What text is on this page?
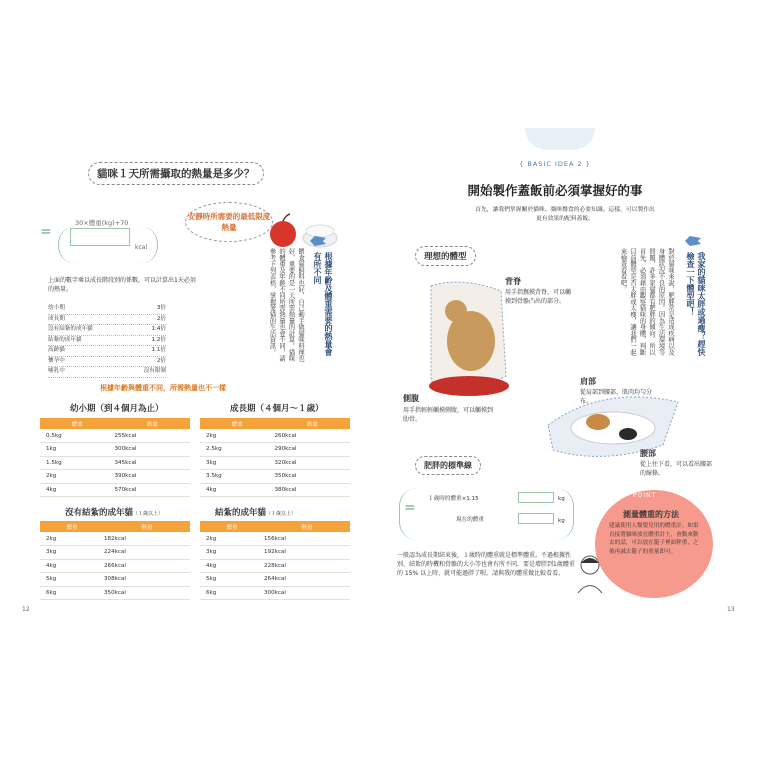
貓咪１天所需攝取的熱量是多少？
安靜時所需要的最低限度熱量
=
30×體重(kg)+70
kcal
上面的數字乘以成長階段別的係數，可以計算出1天必須的熱量。
幼小期	3倍
成長期	2倍
沒有結紮的成年貓	1.4倍
結紮的成年貓	1.2倍
高齡貓	1.1倍
懷孕中	2倍
哺乳中	沒有限制
根據年齡及體重需要的熱量會有所不同
餵食貓飼料也好，自己動手做貓咪料理也好，重要的是一天所需熱量的計算。貓咪的體重及年齡不同所需熱量也會不同，請參考下列表格，掌握愛貓的生活資訊。
根據年齡與體重不同，所需熱量也不一樣
幼小期（到４個月為止）
體重	熱量
0.5kg	255kcal
1kg	300kcal
1.5kg	345kcal
2kg	390kcal
4kg	570kcal
成長期（４個月～１歲）
體重	熱量
2kg	260kcal
2.5kg	290kcal
3kg	320kcal
3.5kg	350kcal
4kg	380kcal
沒有結紮的成年貓（１歲以上）
體重	熱量
2kg	182kcal
3kg	224kcal
4kg	266kcal
5kg	308kcal
6kg	350kcal
結紮的成年貓（１歲以上）
體重	熱量
2kg	156kcal
3kg	192kcal
4kg	228kcal
5kg	264kcal
6kg	300kcal
12
{ BASIC IDEA 2 }
開始製作蓋飯前必須掌握好的事
首先，讓我們掌握關於貓咪、貓咪餐食的必要知識。這樣，可以製作出更有效果的配料蓋飯。
理想的體型
背脊
用手指撫摸背脊，可以觸摸到骨骼凸出的部分。
側腹
用手指輕輕觸摸側腹，可以觸摸到肋骨。
我家的貓咪太胖或過瘦？趕快檢查一下體型吧！
對於貓咪來說，肥胖常是造成疾病以及身體狀況不良的原因。因為生活環境等問題，許多家貓都有肥胖的傾向。所以首先，必須藉由觀察貓咪的身體，判斷目前體型是否太胖或太瘦，讓我們一起來檢查看看吧。
肩部
從肩部到腰部，肌肉均勻分布。
腰部
從上往下看，可以看出腰部的線條。
肥胖的標準線
=
１歲時的體重×1.15	kg
現在的體重	kg
一般認為成長期結束後，１歲時的體重就是標準體重。不過根據性別、結紮的時機和骨骼的大小等也會有所不同，要是增胖到1歲體重的 15% 以上時，就可能過胖了喔。請與我的體重做比較看看。
POINT
測量體重的方法
建議使用人類嬰兒用的體重計。如果直接將貓咪放在體重計上，會動來動去的話，可以放在籠子裡面秤重，之後再減去籠子的重量即可。
13
